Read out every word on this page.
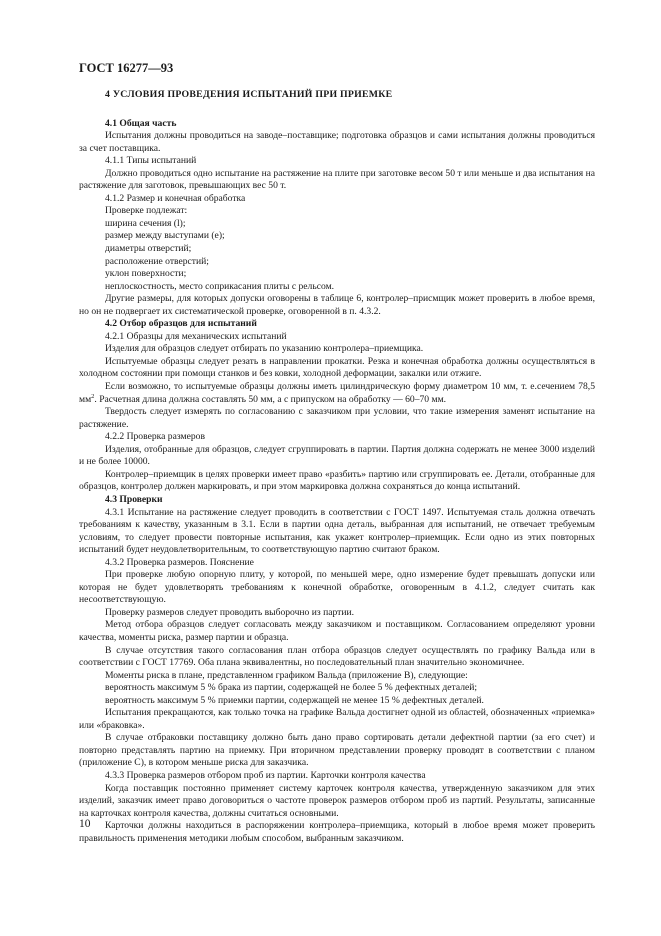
ГОСТ 16277—93

4 УСЛОВИЯ ПРОВЕДЕНИЯ ИСПЫТАНИЙ ПРИ ПРИЕМКЕ

4.1 Общая часть

Испытания должны проводиться на заводе–поставщике; подготовка образцов и сами испытания должны проводиться за счет поставщика.

4.1.1 Типы испытаний

Должно проводиться одно испытание на растяжение на плите при заготовке весом 50 т или меньше и два испытания на растяжение для заготовок, превышающих вес 50 т.

4.1.2 Размер и конечная обработка

Проверке подлежат:

ширина сечения (l);

размер между выступами (e);

диаметры отверстий;

расположение отверстий;

уклон поверхности;

неплоскостность, место соприкасания плиты с рельсом.

Другие размеры, для которых допуски оговорены в таблице 6, контролер–присмщик может проверить в любое время, но он не подвергает их систематической проверке, оговоренной в п. 4.3.2.

4.2 Отбор образцов для испытаний

4.2.1 Образцы для механических испытаний

Изделия для образцов следует отбирать по указанию контролера–приемщика.

Испытуемые образцы следует резать в направлении прокатки. Резка и конечная обработка должны осуществляться в холодном состоянии при помощи станков и без ковки, холодной деформации, закалки или отжиге.

Если возможно, то испытуемые образцы должны иметь цилиндрическую форму диаметром 10 мм, т. е.сечением 78,5 $мм^2$. Расчетная длина должна составлять 50 мм, а с припуском на обработку — 60–70 мм.

Твердость следует измерять по согласованию с заказчиком при условии, что такие измерения заменят испытание на растяжение.

4.2.2 Проверка размеров

Изделия, отобранные для образцов, следует сгруппировать в партии. Партия должна содержать не менее 3000 изделий и не более 10000.

Контролер–приемщик в целях проверки имеет право «разбить» партию или сгруппировать ее. Детали, отобранные для образцов, контролер должен маркировать, и при этом маркировка должна сохраняться до конца испытаний.

4.3 Проверки

4.3.1 Испытание на растяжение следует проводить в соответствии с ГОСТ 1497. Испытуемая сталь должна отвечать требованиям к качеству, указанным в 3.1. Если в партии одна деталь, выбранная для испытаний, не отвечает требуемым условиям, то следует провести повторные испытания, как укажет контролер–приемщик. Если одно из этих повторных испытаний будет неудовлетворительным, то соответствующую партию считают браком.

4.3.2 Проверка размеров. Пояснение

При проверке любую опорную плиту, у которой, по меньшей мере, одно измерение будет превышать допуски или которая не будет удовлетворять требованиям к конечной обработке, оговоренным в 4.1.2, следует считать как несоответствующую.

Проверку размеров следует проводить выборочно из партии.

Метод отбора образцов следует согласовать между заказчиком и поставщиком. Согласованием определяют уровни качества, моменты риска, размер партии и образца.

В случае отсутствия такого согласования план отбора образцов следует осуществлять по графику Вальда или в соответствии с ГОСТ 17769. Оба плана эквивалентны, но последовательный план значительно экономичнее.

Моменты риска в плане, представленном графиком Вальда (приложение В), следующие:

вероятность максимум 5 % брака из партии, содержащей не более 5 % дефектных деталей;

вероятность максимум 5 % приемки партии, содержащей не менее 15 % дефектных деталей.

Испытания прекращаются, как только точка на графике Вальда достигнет одной из областей, обозначенных «приемка» или «браковка».

В случае отбраковки поставщику должно быть дано право сортировать детали дефектной партии (за его счет) и повторно представлять партию на приемку. При вторичном представлении проверку проводят в соответствии с планом (приложение С), в котором меньше риска для заказчика.

4.3.3 Проверка размеров отбором проб из партии. Карточки контроля качества

Когда поставщик постоянно применяет систему карточек контроля качества, утвержденную заказчиком для этих изделий, заказчик имеет право договориться о частоте проверок размеров отбором проб из партий. Результаты, записанные на карточках контроля качества, должны считаться основными.

Карточки должны находиться в распоряжении контролера–приемщика, который в любое время может проверить правильность применения методики любым способом, выбранным заказчиком.

10
